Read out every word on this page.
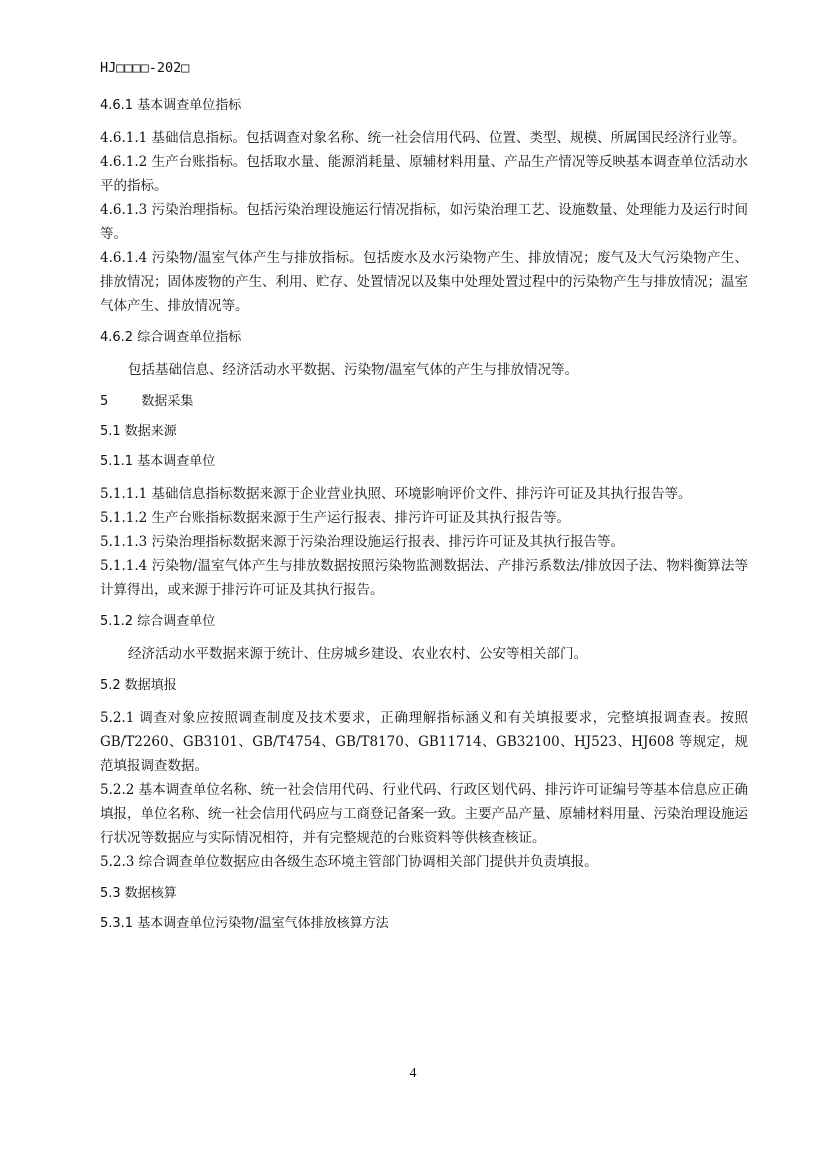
HJ□□□□-202□

4.6.1 基本调查单位指标

4.6.1.1 基础信息指标。包括调查对象名称、统一社会信用代码、位置、类型、规模、所属国民经济行业等。

4.6.1.2 生产台账指标。包括取水量、能源消耗量、原辅材料用量、产品生产情况等反映基本调查单位活动水平的指标。

4.6.1.3 污染治理指标。包括污染治理设施运行情况指标，如污染治理工艺、设施数量、处理能力及运行时间等。

4.6.1.4 污染物/温室气体产生与排放指标。包括废水及水污染物产生、排放情况；废气及大气污染物产生、排放情况；固体废物的产生、利用、贮存、处置情况以及集中处理处置过程中的污染物产生与排放情况；温室气体产生、排放情况等。

4.6.2 综合调查单位指标

包括基础信息、经济活动水平数据、污染物/温室气体的产生与排放情况等。

5        数据采集

5.1 数据来源

5.1.1 基本调查单位

5.1.1.1 基础信息指标数据来源于企业营业执照、环境影响评价文件、排污许可证及其执行报告等。

5.1.1.2 生产台账指标数据来源于生产运行报表、排污许可证及其执行报告等。

5.1.1.3 污染治理指标数据来源于污染治理设施运行报表、排污许可证及其执行报告等。

5.1.1.4 污染物/温室气体产生与排放数据按照污染物监测数据法、产排污系数法/排放因子法、物料衡算法等计算得出，或来源于排污许可证及其执行报告。

5.1.2 综合调查单位

经济活动水平数据来源于统计、住房城乡建设、农业农村、公安等相关部门。

5.2 数据填报

5.2.1 调查对象应按照调查制度及技术要求，正确理解指标涵义和有关填报要求，完整填报调查表。按照 GB/T2260、GB3101、GB/T4754、GB/T8170、GB11714、GB32100、HJ523、HJ608 等规定，规范填报调查数据。

5.2.2 基本调查单位名称、统一社会信用代码、行业代码、行政区划代码、排污许可证编号等基本信息应正确填报，单位名称、统一社会信用代码应与工商登记备案一致。主要产品产量、原辅材料用量、污染治理设施运行状况等数据应与实际情况相符，并有完整规范的台账资料等供核查核证。

5.2.3 综合调查单位数据应由各级生态环境主管部门协调相关部门提供并负责填报。

5.3 数据核算

5.3.1 基本调查单位污染物/温室气体排放核算方法

4
